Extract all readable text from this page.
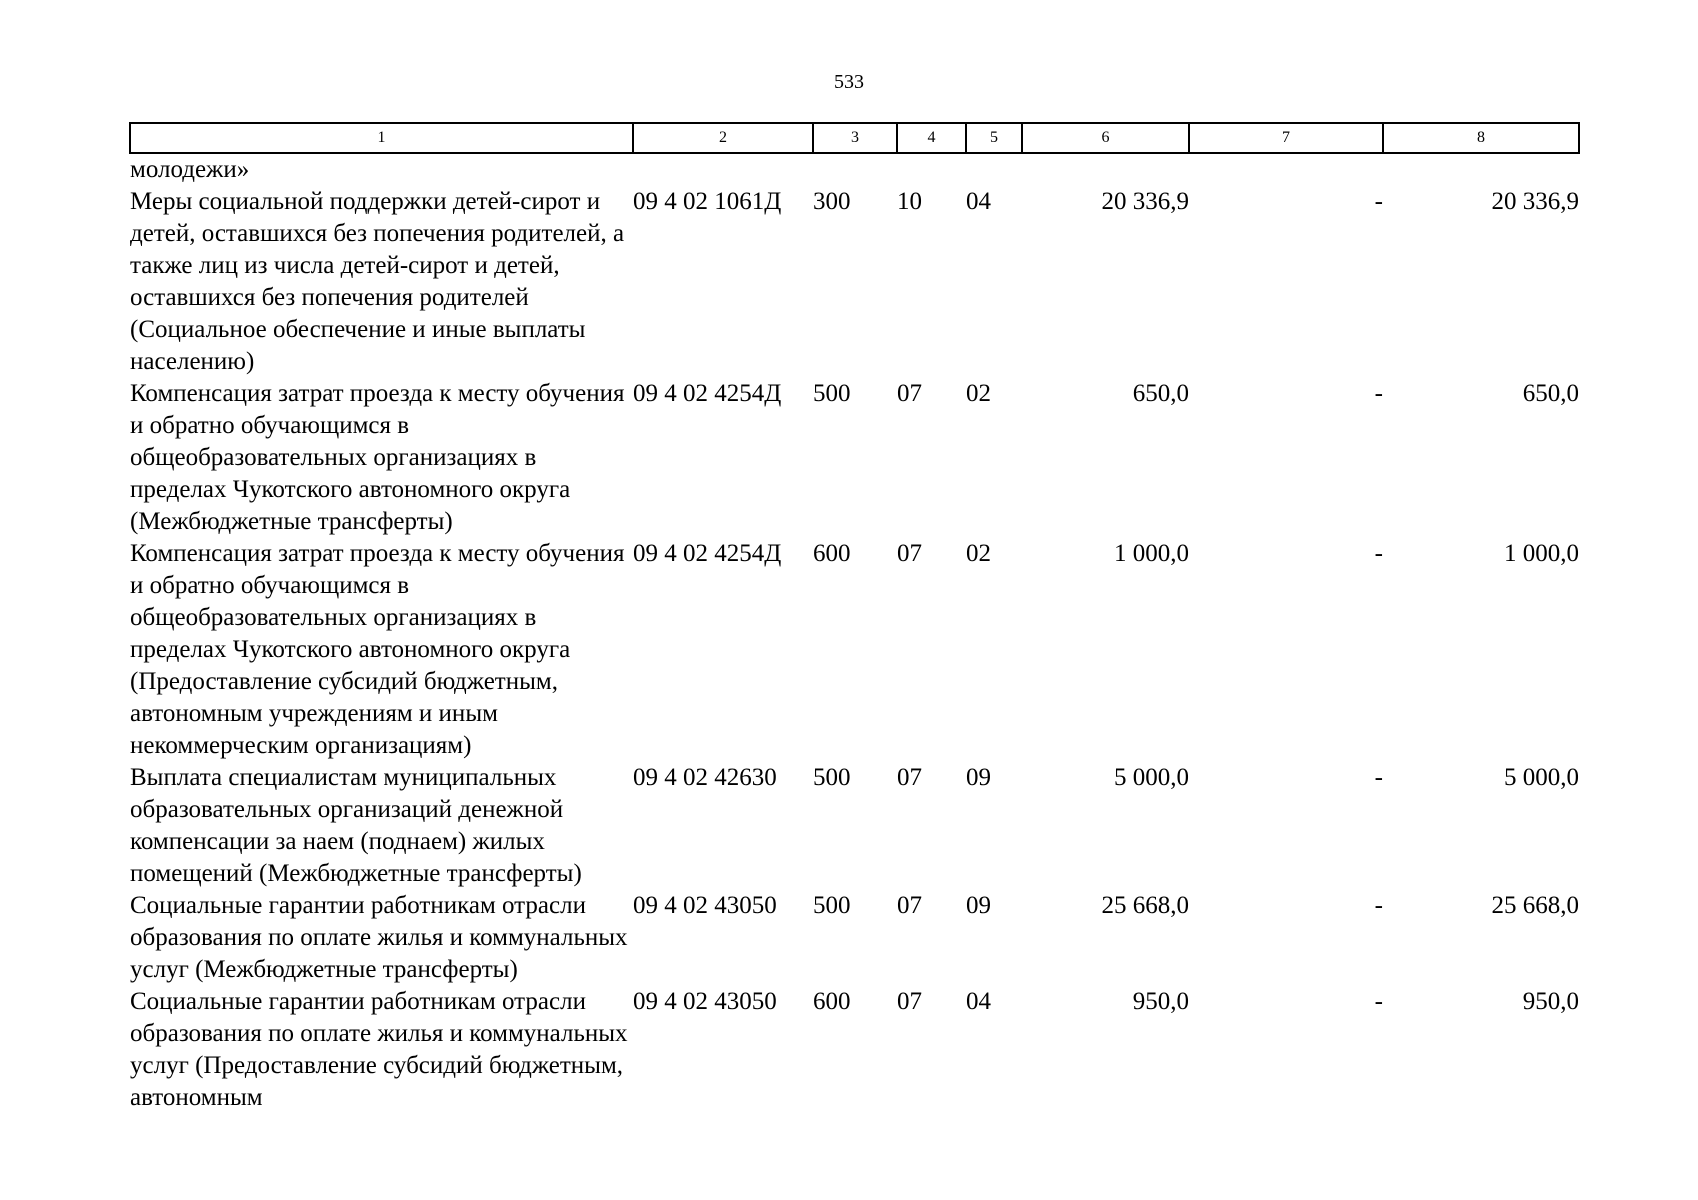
533
1	2	3	4	5	6	7	8
молодежи»							
Меры социальной поддержки детей-сирот и детей, оставшихся без попечения родителей, а также лиц из числа детей-сирот и детей, оставшихся без попечения родителей (Социальное обеспечение и иные выплаты населению)	09 4 02 1061Д	300	10	04	20 336,9	-	20 336,9
Компенсация затрат проезда к месту обучения и обратно обучающимся в общеобразовательных организациях в пределах Чукотского автономного округа (Межбюджетные трансферты)	09 4 02 4254Д	500	07	02	650,0	-	650,0
Компенсация затрат проезда к месту обучения и обратно обучающимся в общеобразовательных организациях в пределах Чукотского автономного округа (Предоставление субсидий бюджетным, автономным учреждениям и иным некоммерческим организациям)	09 4 02 4254Д	600	07	02	1 000,0	-	1 000,0
Выплата специалистам муниципальных образовательных организаций денежной компенсации за наем (поднаем) жилых помещений (Межбюджетные трансферты)	09 4 02 42630	500	07	09	5 000,0	-	5 000,0
Социальные гарантии работникам отрасли образования по оплате жилья и коммунальных услуг (Межбюджетные трансферты)	09 4 02 43050	500	07	09	25 668,0	-	25 668,0
Социальные гарантии работникам отрасли образования по оплате жилья и коммунальных услуг (Предоставление субсидий бюджетным, автономным	09 4 02 43050	600	07	04	950,0	-	950,0
